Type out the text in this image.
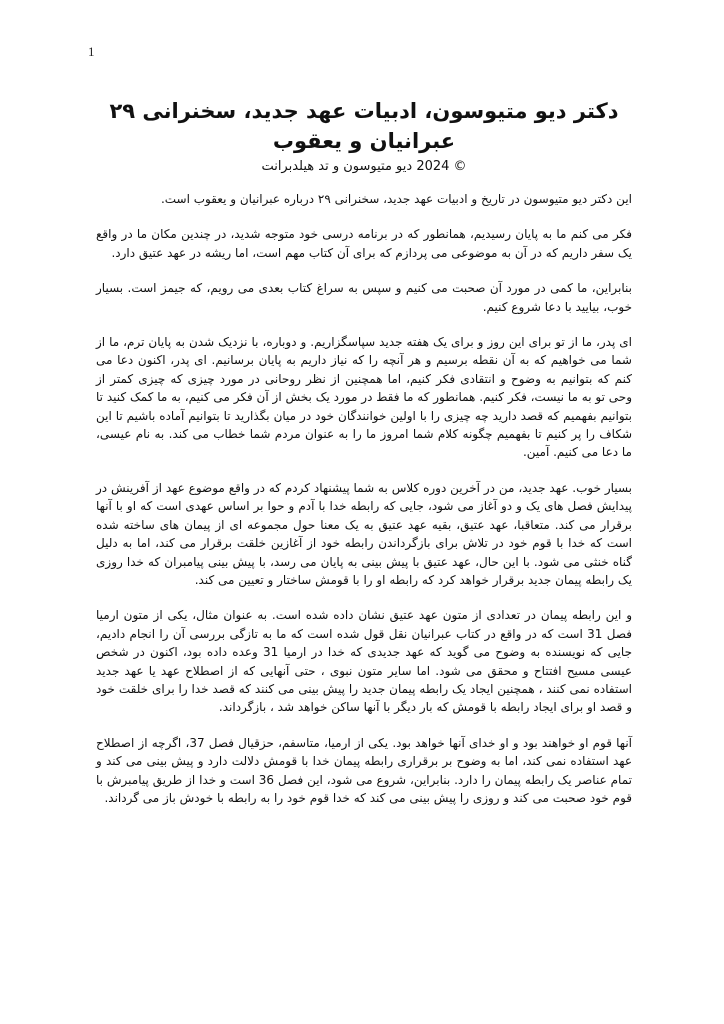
1
دکتر دیو متیوسون، ادبیات عهد جدید، سخنرانی ۲۹ عبرانیان و یعقوب
© 2024 دیو متیوسون و تد هیلدبرانت

این دکتر دیو متیوسون در تاریخ و ادبیات عهد جدید، سخنرانی ۲۹ درباره عبرانیان و یعقوب است.

فکر می کنم ما به پایان رسیدیم، همانطور که در برنامه درسی خود متوجه شدید، در چندین مکان ما در واقع یک سفر داریم که در آن به موضوعی می پردازم که برای آن کتاب مهم است، اما ریشه در عهد عتیق دارد.

بنابراین، ما کمی در مورد آن صحبت می کنیم و سپس به سراغ کتاب بعدی می رویم، که جیمز است. بسیار خوب، بیایید با دعا شروع کنیم.

ای پدر، ما از تو برای این روز و برای یک هفته جدید سپاسگزاریم. و دوباره، با نزدیک شدن به پایان ترم، ما از شما می خواهیم که به آن نقطه برسیم و هر آنچه را که نیاز داریم به پایان برسانیم. ای پدر، اکنون دعا می کنم که بتوانیم به وضوح و انتقادی فکر کنیم، اما همچنین از نظر روحانی در مورد چیزی که چیزی کمتر از وحی تو به ما نیست، فکر کنیم. همانطور که ما فقط در مورد یک بخش از آن فکر می کنیم، به ما کمک کنید تا بتوانیم بفهمیم که قصد دارید چه چیزی را با اولین خوانندگان خود در میان بگذارید تا بتوانیم آماده باشیم تا این شکاف را پر کنیم تا بفهمیم چگونه کلام شما امروز ما را به عنوان مردم شما خطاب می کند. به نام عیسی، ما دعا می کنیم. آمین.

بسیار خوب. عهد جدید، من در آخرین دوره کلاس به شما پیشنهاد کردم که در واقع موضوع عهد از آفرینش در پیدایش فصل های یک و دو آغاز می شود، جایی که رابطه خدا با آدم و حوا بر اساس عهدی است که او با آنها برقرار می کند. متعاقبا، عهد عتیق، بقیه عهد عتیق به یک معنا حول مجموعه ای از پیمان های ساخته شده است که خدا با قوم خود در تلاش برای بازگرداندن رابطه خود از آغازین خلقت برقرار می کند، اما به دلیل گناه خنثی می شود. با این حال، عهد عتیق با پیش بینی به پایان می رسد، با پیش بینی پیامبران که خدا روزی یک رابطه پیمان جدید برقرار خواهد کرد که رابطه او را با قومش ساختار و تعیین می کند.

و این رابطه پیمان در تعدادی از متون عهد عتیق نشان داده شده است. به عنوان مثال، یکی از متون ارمیا فصل 31 است که در واقع در کتاب عبرانیان نقل قول شده است که ما به تازگی بررسی آن را انجام دادیم، جایی که نویسنده به وضوح می گوید که عهد جدیدی که خدا در ارمیا 31 وعده داده بود، اکنون در شخص عیسی مسیح افتتاح و محقق می شود. اما سایر متون نبوی ، حتی آنهایی که از اصطلاح عهد یا عهد جدید استفاده نمی کنند ، همچنین ایجاد یک رابطه پیمان جدید را پیش بینی می کنند که قصد خدا را برای خلقت خود و قصد او برای ایجاد رابطه با قومش که بار دیگر با آنها ساکن خواهد شد ، بازگرداند.

آنها قوم او خواهند بود و او خدای آنها خواهد بود. یکی از ارمیا، متاسفم، حزقیال فصل 37، اگرچه از اصطلاح عهد استفاده نمی کند، اما به وضوح بر برقراری رابطه پیمان خدا با قومش دلالت دارد و پیش بینی می کند و تمام عناصر یک رابطه پیمان را دارد. بنابراین، شروع می شود، این فصل 36 است و خدا از طریق پیامبرش با قوم خود صحبت می کند و روزی را پیش بینی می کند که خدا قوم خود را به رابطه با خودش باز می گرداند.
